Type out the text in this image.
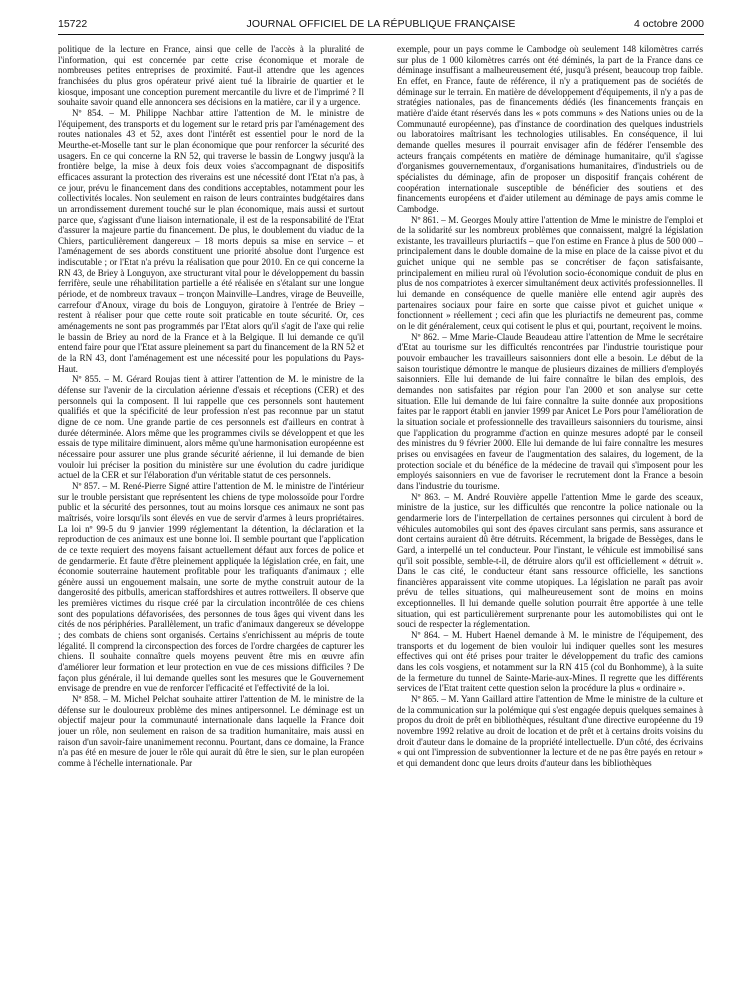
15722	JOURNAL OFFICIEL DE LA RÉPUBLIQUE FRANÇAISE	4 octobre 2000

politique de la lecture en France, ainsi que celle de l'accès à la pluralité de l'information, qui est concernée par cette crise économique et morale de nombreuses petites entreprises de proximité. Faut-il attendre que les agences franchisées du plus gros opérateur privé aient tué la librairie de quartier et le kiosque, imposant une conception purement mercantile du livre et de l'imprimé ? Il souhaite savoir quand elle annoncera ses décisions en la matière, car il y a urgence.

Nº 854. – M. Philippe Nachbar attire l'attention de M. le ministre de l'équipement, des transports et du logement sur le retard pris par l'aménagement des routes nationales 43 et 52, axes dont l'intérêt est essentiel pour le nord de la Meurthe-et-Moselle tant sur le plan économique que pour renforcer la sécurité des usagers. En ce qui concerne la RN 52, qui traverse le bassin de Longwy jusqu'à la frontière belge, la mise à deux fois deux voies s'accompagnant de dispositifs efficaces assurant la protection des riverains est une nécessité dont l'Etat n'a pas, à ce jour, prévu le financement dans des conditions acceptables, notamment pour les collectivités locales. Non seulement en raison de leurs contraintes budgétaires dans un arrondissement durement touché sur le plan économique, mais aussi et surtout parce que, s'agissant d'une liaison internationale, il est de la responsabilité de l'Etat d'assurer la majeure partie du financement. De plus, le doublement du viaduc de la Chiers, particulièrement dangereux – 18 morts depuis sa mise en service – et l'aménagement de ses abords constituent une priorité absolue dont l'urgence est indiscutable ; or l'Etat n'a prévu la réalisation que pour 2010. En ce qui concerne la RN 43, de Briey à Longuyon, axe structurant vital pour le développement du bassin ferrifère, seule une réhabilitation partielle a été réalisée en s'étalant sur une longue période, et de nombreux travaux – tronçon Mainville–Landres, virage de Beuveille, carrefour d'Anoux, virage du bois de Longuyon, giratoire à l'entrée de Briey – restent à réaliser pour que cette route soit praticable en toute sécurité. Or, ces aménagements ne sont pas programmés par l'Etat alors qu'il s'agit de l'axe qui relie le bassin de Briey au nord de la France et à la Belgique. Il lui demande ce qu'il entend faire pour que l'Etat assure pleinement sa part du financement de la RN 52 et de la RN 43, dont l'aménagement est une nécessité pour les populations du Pays-Haut.

Nº 855. – M. Gérard Roujas tient à attirer l'attention de M. le ministre de la défense sur l'avenir de la circulation aérienne d'essais et réceptions (CER) et des personnels qui la composent. Il lui rappelle que ces personnels sont hautement qualifiés et que la spécificité de leur profession n'est pas reconnue par un statut digne de ce nom. Une grande partie de ces personnels est d'ailleurs en contrat à durée déterminée. Alors même que les programmes civils se développent et que les essais de type militaire diminuent, alors même qu'une harmonisation européenne est nécessaire pour assurer une plus grande sécurité aérienne, il lui demande de bien vouloir lui préciser la position du ministère sur une évolution du cadre juridique actuel de la CER et sur l'élaboration d'un véritable statut de ces personnels.

Nº 857. – M. René-Pierre Signé attire l'attention de M. le ministre de l'intérieur sur le trouble persistant que représentent les chiens de type molossoïde pour l'ordre public et la sécurité des personnes, tout au moins lorsque ces animaux ne sont pas maîtrisés, voire lorsqu'ils sont élevés en vue de servir d'armes à leurs propriétaires. La loi nº 99-5 du 9 janvier 1999 réglementant la détention, la déclaration et la reproduction de ces animaux est une bonne loi. Il semble pourtant que l'application de ce texte requiert des moyens faisant actuellement défaut aux forces de police et de gendarmerie. Et faute d'être pleinement appliquée la législation crée, en fait, une économie souterraine hautement profitable pour les trafiquants d'animaux ; elle génère aussi un engouement malsain, une sorte de mythe construit autour de la dangerosité des pitbulls, american staffordshires et autres rottweilers. Il observe que les premières victimes du risque créé par la circulation incontrôlée de ces chiens sont des populations défavorisées, des personnes de tous âges qui vivent dans les cités de nos périphéries. Parallèlement, un trafic d'animaux dangereux se développe ; des combats de chiens sont organisés. Certains s'enrichissent au mépris de toute légalité. Il comprend la circonspection des forces de l'ordre chargées de capturer les chiens. Il souhaite connaître quels moyens peuvent être mis en œuvre afin d'améliorer leur formation et leur protection en vue de ces missions difficiles ? De façon plus générale, il lui demande quelles sont les mesures que le Gouvernement envisage de prendre en vue de renforcer l'efficacité et l'effectivité de la loi.

Nº 858. – M. Michel Pelchat souhaite attirer l'attention de M. le ministre de la défense sur le douloureux problème des mines antipersonnel. Le déminage est un objectif majeur pour la communauté internationale dans laquelle la France doit jouer un rôle, non seulement en raison de sa tradition humanitaire, mais aussi en raison d'un savoir-faire unanimement reconnu. Pourtant, dans ce domaine, la France n'a pas été en mesure de jouer le rôle qui aurait dû être le sien, sur le plan européen comme à l'échelle internationale. Par

exemple, pour un pays comme le Cambodge où seulement 148 kilomètres carrés sur plus de 1 000 kilomètres carrés ont été déminés, la part de la France dans ce déminage insuffisant a malheureusement été, jusqu'à présent, beaucoup trop faible. En effet, en France, faute de référence, il n'y a pratiquement pas de sociétés de déminage sur le terrain. En matière de développement d'équipements, il n'y a pas de stratégies nationales, pas de financements dédiés (les financements français en matière d'aide étant réservés dans les « pots communs » des Nations unies ou de la Communauté européenne), pas d'instance de coordination des quelques industriels ou laboratoires maîtrisant les technologies utilisables. En conséquence, il lui demande quelles mesures il pourrait envisager afin de fédérer l'ensemble des acteurs français compétents en matière de déminage humanitaire, qu'il s'agisse d'organismes gouvernementaux, d'organisations humanitaires, d'industriels ou de spécialistes du déminage, afin de proposer un dispositif français cohérent de coopération internationale susceptible de bénéficier des soutiens et des financements européens et d'aider utilement au déminage de pays amis comme le Cambodge.

Nº 861. – M. Georges Mouly attire l'attention de Mme le ministre de l'emploi et de la solidarité sur les nombreux problèmes que connaissent, malgré la législation existante, les travailleurs pluriactifs – que l'on estime en France à plus de 500 000 – principalement dans le double domaine de la mise en place de la caisse pivot et du guichet unique qui ne semble pas se concrétiser de façon satisfaisante, principalement en milieu rural où l'évolution socio-économique conduit de plus en plus de nos compatriotes à exercer simultanément deux activités professionnelles. Il lui demande en conséquence de quelle manière elle entend agir auprès des partenaires sociaux pour faire en sorte que caisse pivot et guichet unique « fonctionnent » réellement ; ceci afin que les pluriactifs ne demeurent pas, comme on le dit généralement, ceux qui cotisent le plus et qui, pourtant, reçoivent le moins.

Nº 862. – Mme Marie-Claude Beaudeau attire l'attention de Mme le secrétaire d'Etat au tourisme sur les difficultés rencontrées par l'industrie touristique pour pouvoir embaucher les travailleurs saisonniers dont elle a besoin. Le début de la saison touristique démontre le manque de plusieurs dizaines de milliers d'employés saisonniers. Elle lui demande de lui faire connaître le bilan des emplois, des demandes non satisfaites par région pour l'an 2000 et son analyse sur cette situation. Elle lui demande de lui faire connaître la suite donnée aux propositions faites par le rapport établi en janvier 1999 par Anicet Le Pors pour l'amélioration de la situation sociale et professionnelle des travailleurs saisonniers du tourisme, ainsi que l'application du programme d'action en quinze mesures adopté par le conseil des ministres du 9 février 2000. Elle lui demande de lui faire connaître les mesures prises ou envisagées en faveur de l'augmentation des salaires, du logement, de la protection sociale et du bénéfice de la médecine de travail qui s'imposent pour les employés saisonniers en vue de favoriser le recrutement dont la France a besoin dans l'industrie du tourisme.

Nº 863. – M. André Rouvière appelle l'attention Mme le garde des sceaux, ministre de la justice, sur les difficultés que rencontre la police nationale ou la gendarmerie lors de l'interpellation de certaines personnes qui circulent à bord de véhicules automobiles qui sont des épaves circulant sans permis, sans assurance et dont certains auraient dû être détruits. Récemment, la brigade de Bessèges, dans le Gard, a interpellé un tel conducteur. Pour l'instant, le véhicule est immobilisé sans qu'il soit possible, semble-t-il, de détruire alors qu'il est officiellement « détruit ». Dans le cas cité, le conducteur étant sans ressource officielle, les sanctions financières apparaissent vite comme utopiques. La législation ne paraît pas avoir prévu de telles situations, qui malheureusement sont de moins en moins exceptionnelles. Il lui demande quelle solution pourrait être apportée à une telle situation, qui est particulièrement surprenante pour les automobilistes qui ont le souci de respecter la réglementation.

Nº 864. – M. Hubert Haenel demande à M. le ministre de l'équipement, des transports et du logement de bien vouloir lui indiquer quelles sont les mesures effectives qui ont été prises pour traiter le développement du trafic des camions dans les cols vosgiens, et notamment sur la RN 415 (col du Bonhomme), à la suite de la fermeture du tunnel de Sainte-Marie-aux-Mines. Il regrette que les différents services de l'Etat traitent cette question selon la procédure la plus « ordinaire ».

Nº 865. – M. Yann Gaillard attire l'attention de Mme le ministre de la culture et de la communication sur la polémique qui s'est engagée depuis quelques semaines à propos du droit de prêt en bibliothèques, résultant d'une directive européenne du 19 novembre 1992 relative au droit de location et de prêt et à certains droits voisins du droit d'auteur dans le domaine de la propriété intellectuelle. D'un côté, des écrivains « qui ont l'impression de subventionner la lecture et de ne pas être payés en retour » et qui demandent donc que leurs droits d'auteur dans les bibliothèques
